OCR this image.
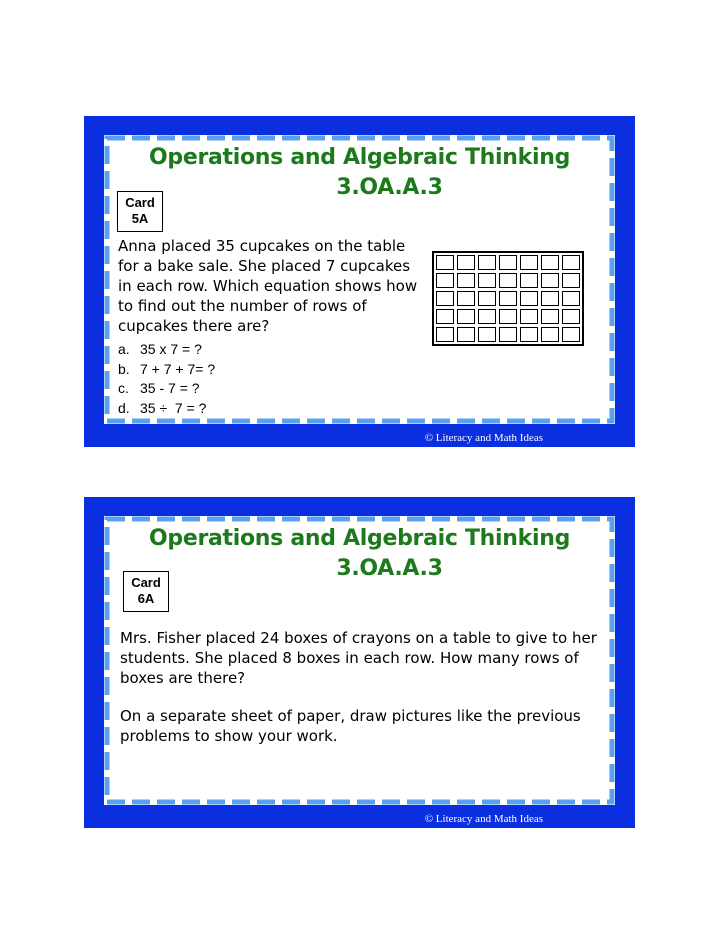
Operations and Algebraic Thinking
3.OA.A.3
Card
5A
Anna placed 35 cupcakes on the table for a bake sale. She placed 7 cupcakes in each row. Which equation shows how to find out the number of rows of cupcakes there are?
a. 35 x 7 = ?
b. 7 + 7 + 7= ?
c. 35 - 7 = ?
d. 35 ÷  7 = ?
© Literacy and Math Ideas
Operations and Algebraic Thinking
3.OA.A.3
Card
6A
Mrs. Fisher placed 24 boxes of crayons on a table to give to her students. She placed 8 boxes in each row. How many rows of boxes are there?
On a separate sheet of paper, draw pictures like the previous problems to show your work.
© Literacy and Math Ideas
